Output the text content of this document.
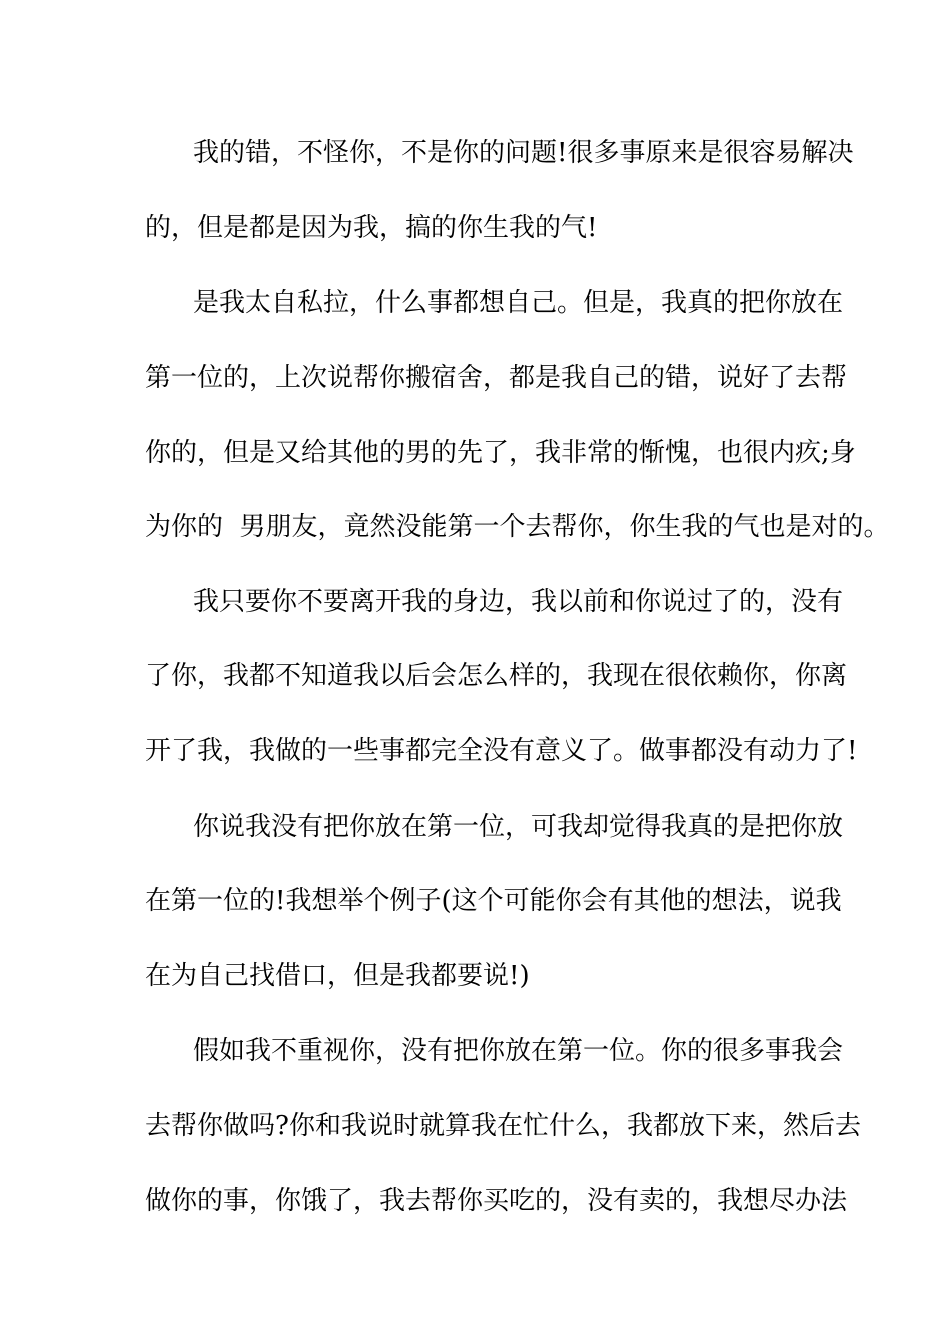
我的错，不怪你，不是你的问题!很多事原来是很容易解决

的，但是都是因为我，搞的你生我的气!

是我太自私拉，什么事都想自己。但是，我真的把你放在

第一位的，上次说帮你搬宿舍，都是我自己的错，说好了去帮

你的，但是又给其他的男的先了，我非常的惭愧，也很内疚;身

为你的  男朋友，竟然没能第一个去帮你，你生我的气也是对的。

我只要你不要离开我的身边，我以前和你说过了的，没有

了你，我都不知道我以后会怎么样的，我现在很依赖你，你离

开了我，我做的一些事都完全没有意义了。做事都没有动力了!

你说我没有把你放在第一位，可我却觉得我真的是把你放

在第一位的!我想举个例子(这个可能你会有其他的想法，说我

在为自己找借口，但是我都要说!)

假如我不重视你，没有把你放在第一位。你的很多事我会

去帮你做吗?你和我说时就算我在忙什么，我都放下来，然后去

做你的事，你饿了，我去帮你买吃的，没有卖的，我想尽办法
